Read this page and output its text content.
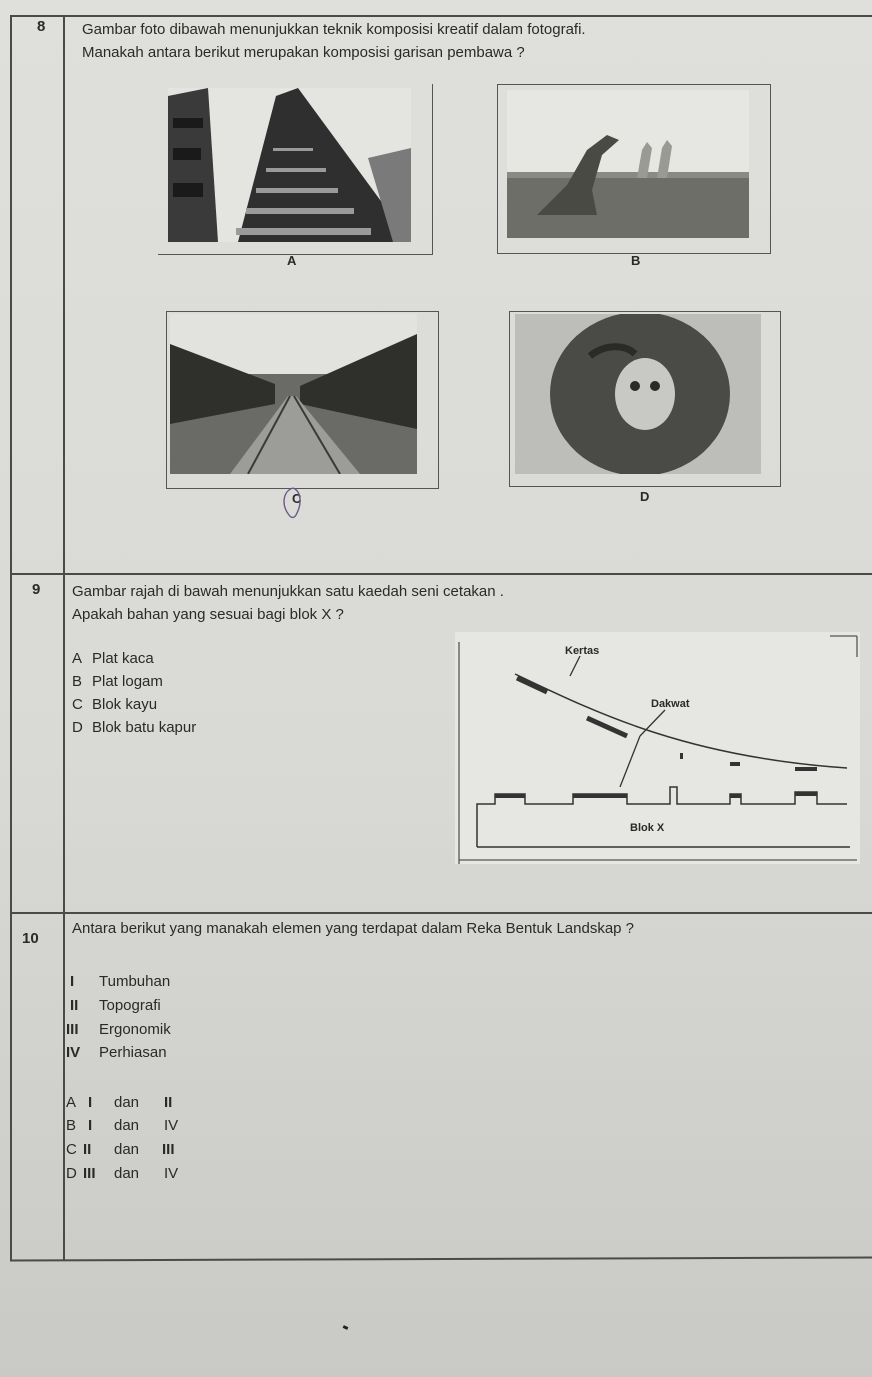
8 Gambar foto dibawah menunjukkan teknik komposisi kreatif dalam fotografi.
Manakah antara berikut merupakan komposisi garisan pembawa ?
A	B
C	D
9 Gambar rajah di bawah menunjukkan satu kaedah seni cetakan .
Apakah bahan yang sesuai bagi blok X ?
A Plat kaca
B Plat logam
C Blok kayu
D Blok batu kapur
Kertas
Dakwat
Blok X
10
Antara berikut yang manakah elemen yang terdapat dalam Reka Bentuk Landskap ?
I Tumbuhan
II Topografi
III Ergonomik
IV Perhiasan
A I dan II
B I dan IV
C II dan III
D III dan IV
